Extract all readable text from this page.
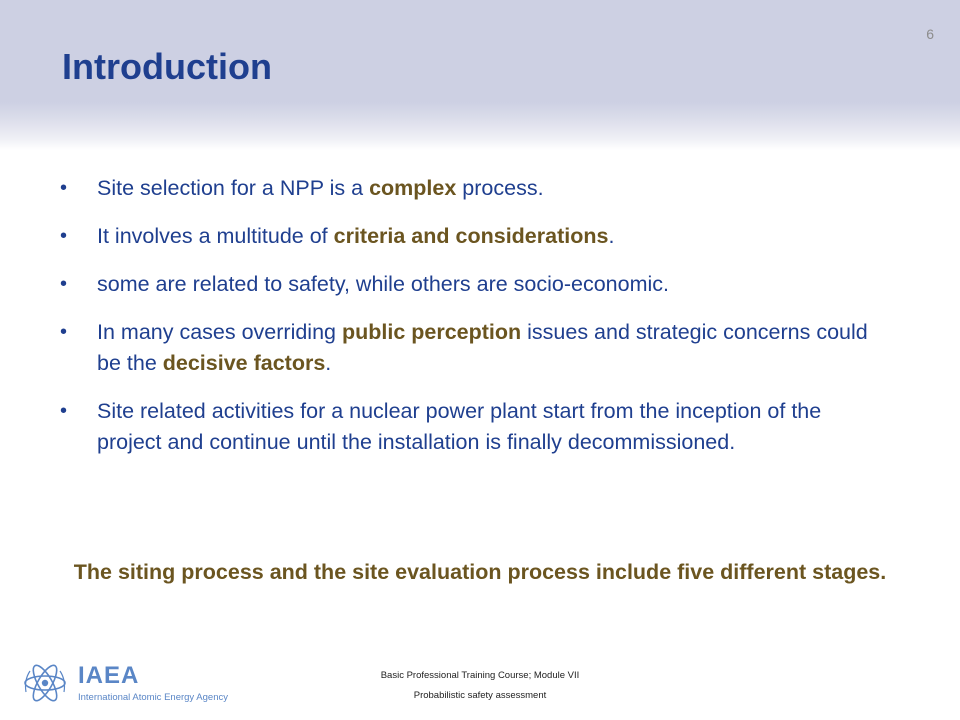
Introduction
6
• Site selection for a NPP is a complex process.
• It involves a multitude of criteria and considerations.
• some are related to safety, while others are socio-economic.
• In many cases overriding public perception issues and strategic concerns could be the decisive factors.
• Site related activities for a nuclear power plant start from the inception of the project and continue until the installation is finally decommissioned.

The siting process and the site evaluation process include five different stages.

IAEA
International Atomic Energy Agency
Basic Professional Training Course; Module VII
Probabilistic safety assessment
